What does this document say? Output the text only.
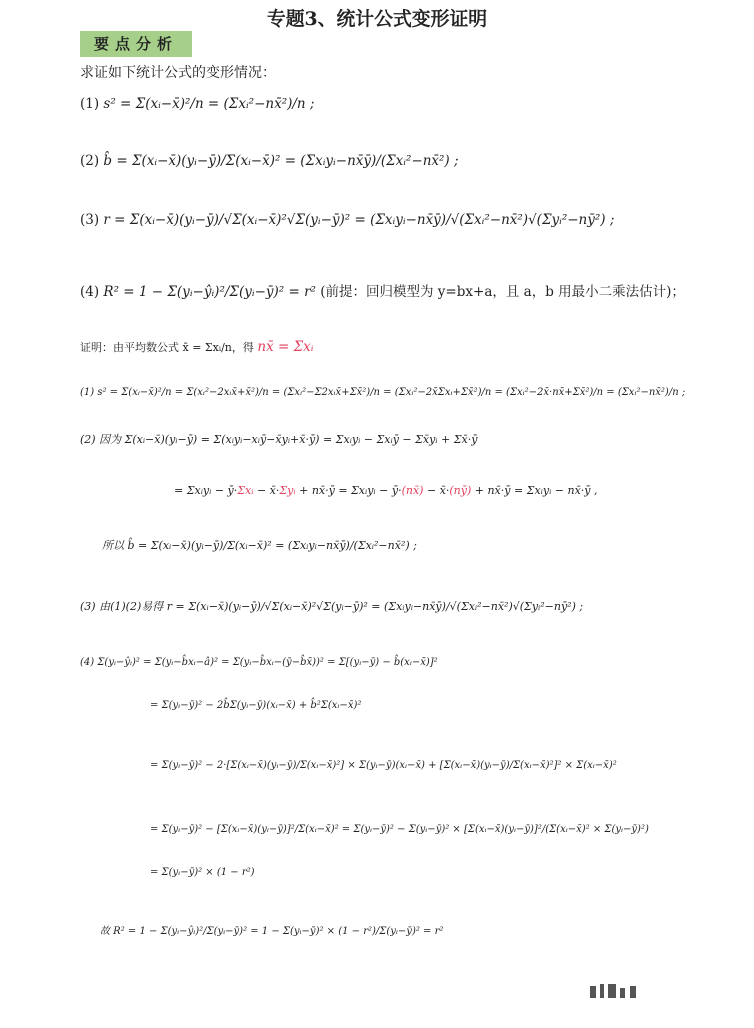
专题3、统计公式变形证明
要点分析
求证如下统计公式的变形情况：
(1) s² = Σ(xᵢ−x̄)²/n = (Σxᵢ²−nx̄²)/n ;
(2) b̂ = Σ(xᵢ−x̄)(yᵢ−ȳ)/Σ(xᵢ−x̄)² = (Σxᵢyᵢ−nx̄ȳ)/(Σxᵢ²−nx̄²) ;
(3) r = Σ(xᵢ−x̄)(yᵢ−ȳ)/√Σ(xᵢ−x̄)²√Σ(yᵢ−ȳ)² = (Σxᵢyᵢ−nx̄ȳ)/√(Σxᵢ²−nx̄²)√(Σyᵢ²−nȳ²) ;
(4) R² = 1 − Σ(yᵢ−ŷᵢ)²/Σ(yᵢ−ȳ)² = r² (前提：回归模型为 y=bx+a，且 a，b 用最小二乘法估计)；
证明：由平均数公式 x̄ = Σxᵢ/n，得 nx̄ = Σxᵢ
(1) s² = Σ(xᵢ−x̄)²/n = Σ(xᵢ²−2xᵢx̄+x̄²)/n = (Σxᵢ²−Σ2xᵢx̄+Σx̄²)/n = (Σxᵢ²−2x̄Σxᵢ+Σx̄²)/n = (Σxᵢ²−2x̄·nx̄+Σx̄²)/n = (Σxᵢ²−nx̄²)/n ;
(2) 因为 Σ(xᵢ−x̄)(yᵢ−ȳ) = Σ(xᵢyᵢ−xᵢȳ−x̄yᵢ+x̄·ȳ) = Σxᵢyᵢ − Σxᵢȳ − Σx̄yᵢ + Σx̄·ȳ
= Σxᵢyᵢ − ȳ·Σxᵢ − x̄·Σyᵢ + nx̄·ȳ = Σxᵢyᵢ − ȳ·(nx̄) − x̄·(nȳ) + nx̄·ȳ = Σxᵢyᵢ − nx̄·ȳ ,
所以 b̂ = Σ(xᵢ−x̄)(yᵢ−ȳ)/Σ(xᵢ−x̄)² = (Σxᵢyᵢ−nx̄ȳ)/(Σxᵢ²−nx̄²) ;
(3) 由(1)(2)易得 r = Σ(xᵢ−x̄)(yᵢ−ȳ)/√Σ(xᵢ−x̄)²√Σ(yᵢ−ȳ)² = (Σxᵢyᵢ−nx̄ȳ)/√(Σxᵢ²−nx̄²)√(Σyᵢ²−nȳ²) ;
(4) Σ(yᵢ−ŷᵢ)² = Σ(yᵢ−b̂xᵢ−â)² = Σ(yᵢ−b̂xᵢ−(ȳ−b̂x̄))² = Σ[(yᵢ−ȳ) − b̂(xᵢ−x̄)]²
= Σ(yᵢ−ȳ)² − 2b̂Σ(yᵢ−ȳ)(xᵢ−x̄) + b̂²Σ(xᵢ−x̄)²
= Σ(yᵢ−ȳ)² − 2·[Σ(xᵢ−x̄)(yᵢ−ȳ)/Σ(xᵢ−x̄)²] × Σ(yᵢ−ȳ)(xᵢ−x̄) + [Σ(xᵢ−x̄)(yᵢ−ȳ)/Σ(xᵢ−x̄)²]² × Σ(xᵢ−x̄)²
= Σ(yᵢ−ȳ)² − [Σ(xᵢ−x̄)(yᵢ−ȳ)]²/Σ(xᵢ−x̄)² = Σ(yᵢ−ȳ)² − Σ(yᵢ−ȳ)² × [Σ(xᵢ−x̄)(yᵢ−ȳ)]²/(Σ(xᵢ−x̄)² × Σ(yᵢ−ȳ)²)
= Σ(yᵢ−ȳ)² × (1 − r²)
故 R² = 1 − Σ(yᵢ−ŷᵢ)²/Σ(yᵢ−ȳ)² = 1 − Σ(yᵢ−ȳ)² × (1 − r²)/Σ(yᵢ−ȳ)² = r²
